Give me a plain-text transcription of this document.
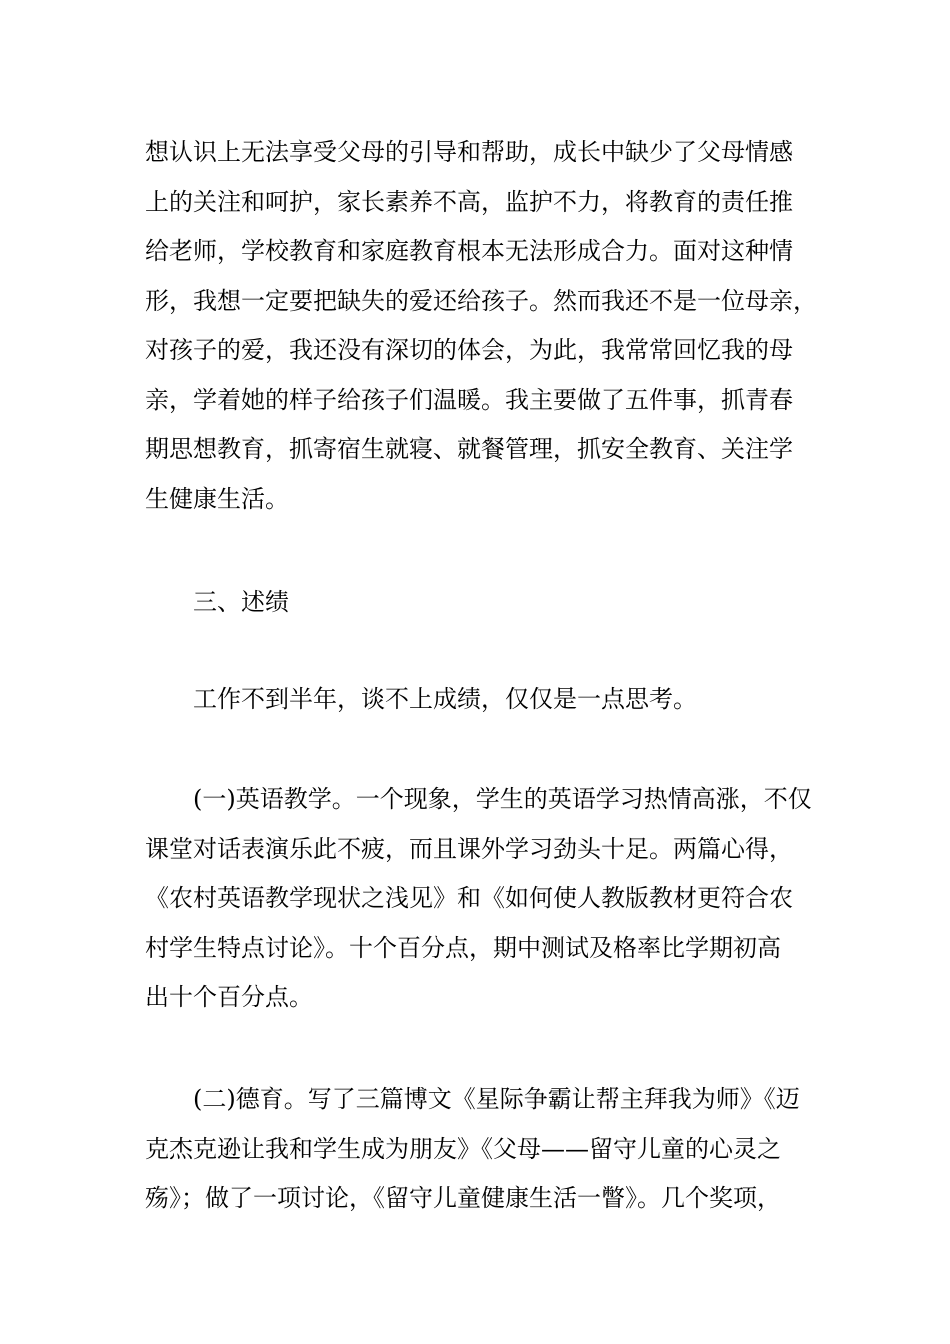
想认识上无法享受父母的引导和帮助，成长中缺少了父母情感
上的关注和呵护，家长素养不高，监护不力，将教育的责任推
给老师，学校教育和家庭教育根本无法形成合力。面对这种情
形，我想一定要把缺失的爱还给孩子。然而我还不是一位母亲，
对孩子的爱，我还没有深切的体会，为此，我常常回忆我的母
亲，学着她的样子给孩子们温暖。我主要做了五件事，抓青春
期思想教育，抓寄宿生就寝、就餐管理，抓安全教育、关注学
生健康生活。
三、述绩
工作不到半年，谈不上成绩，仅仅是一点思考。
(一)英语教学。一个现象，学生的英语学习热情高涨，不仅
课堂对话表演乐此不疲，而且课外学习劲头十足。两篇心得，
《农村英语教学现状之浅见》和《如何使人教版教材更符合农
村学生特点讨论》。十个百分点，期中测试及格率比学期初高
出十个百分点。
(二)德育。写了三篇博文《星际争霸让帮主拜我为师》《迈
克杰克逊让我和学生成为朋友》《父母——留守儿童的心灵之
殇》；做了一项讨论，《留守儿童健康生活一瞥》。几个奖项，
